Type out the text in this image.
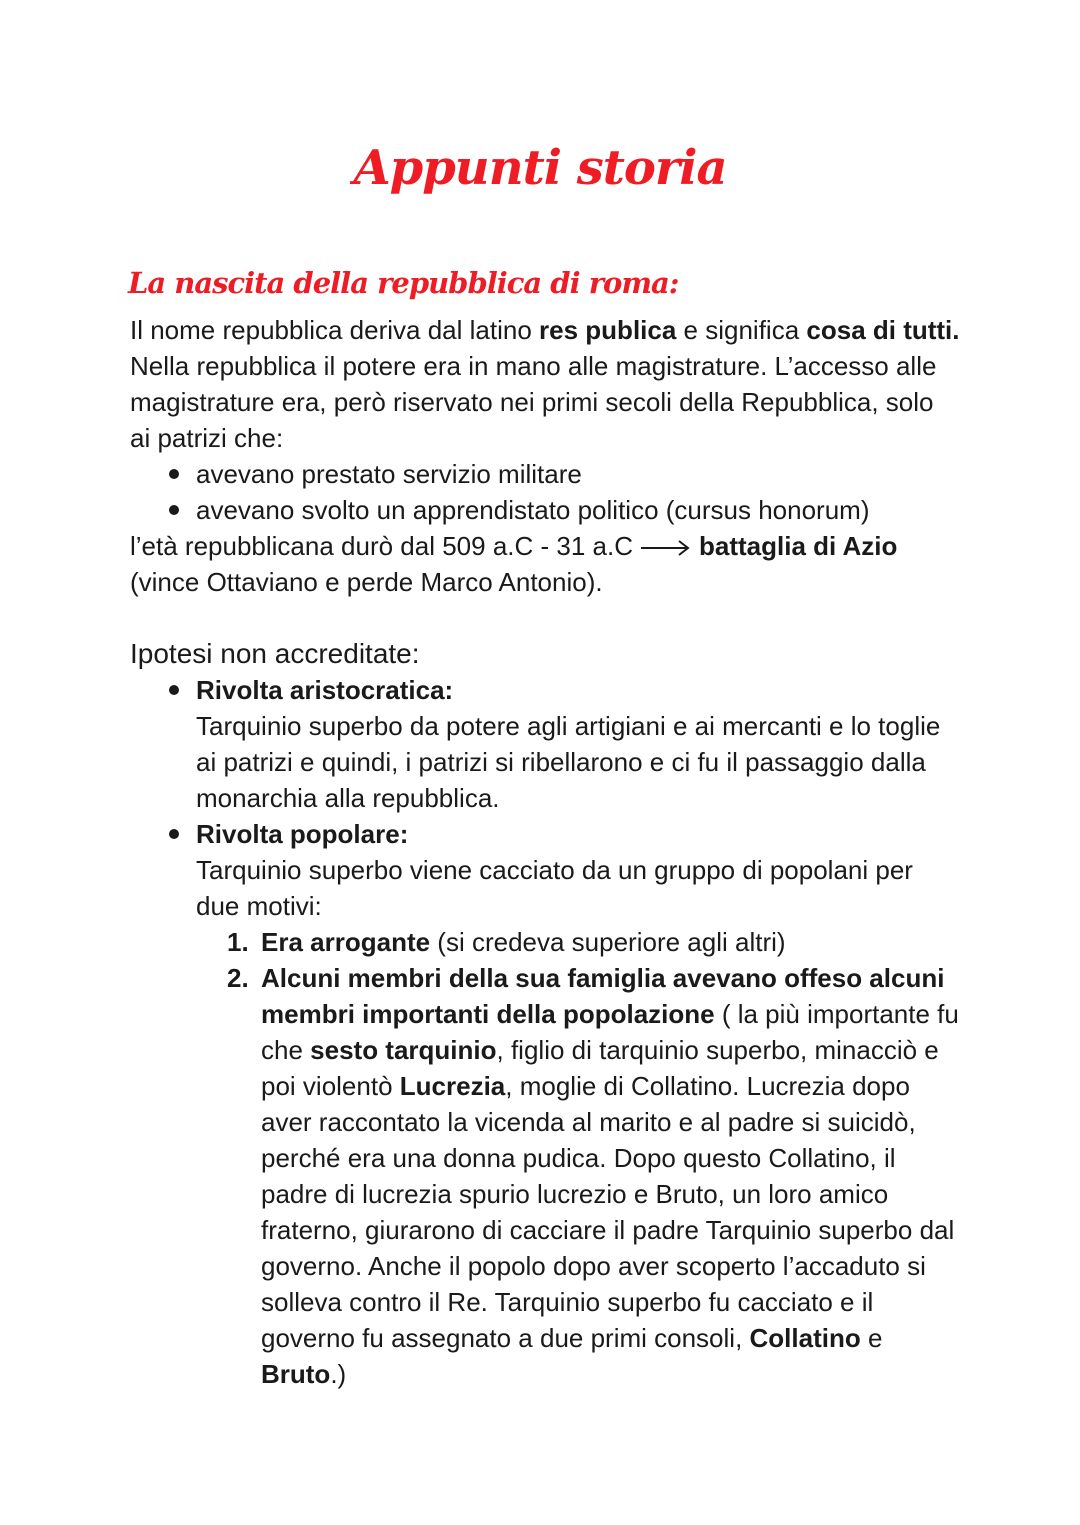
Appunti storia
La nascita della repubblica di roma:

Il nome repubblica deriva dal latino res publica e significa cosa di tutti. Nella repubblica il potere era in mano alle magistrature. L’accesso alle magistrature era, però riservato nei primi secoli della Repubblica, solo ai patrizi che:

avevano prestato servizio militare
avevano svolto un apprendistato politico (cursus honorum)

l’età repubblicana durò dal 509 a.C - 31 a.C	battaglia di Azio

(vince Ottaviano e perde Marco Antonio).

Ipotesi non accreditate:

Rivolta aristocratica:
Tarquinio superbo da potere agli artigiani e ai mercanti e lo toglie ai patrizi e quindi, i patrizi si ribellarono e ci fu il passaggio dalla monarchia alla repubblica.
Rivolta popolare:
Tarquinio superbo viene cacciato da un gruppo di popolani per due motivi:
1. Era arrogante (si credeva superiore agli altri)
2. Alcuni membri della sua famiglia avevano offeso alcuni membri importanti della popolazione ( la più importante fu che sesto tarquinio, figlio di tarquinio superbo, minacciò e poi violentò Lucrezia, moglie di Collatino. Lucrezia dopo aver raccontato la vicenda al marito e al padre si suicidò, perché era una donna pudica. Dopo questo Collatino, il padre di lucrezia spurio lucrezio e Bruto, un loro amico fraterno, giurarono di cacciare il padre Tarquinio superbo dal governo. Anche il popolo dopo aver scoperto l’accaduto si solleva contro il Re. Tarquinio superbo fu cacciato e il governo fu assegnato a due primi consoli, Collatino e Bruto.)
